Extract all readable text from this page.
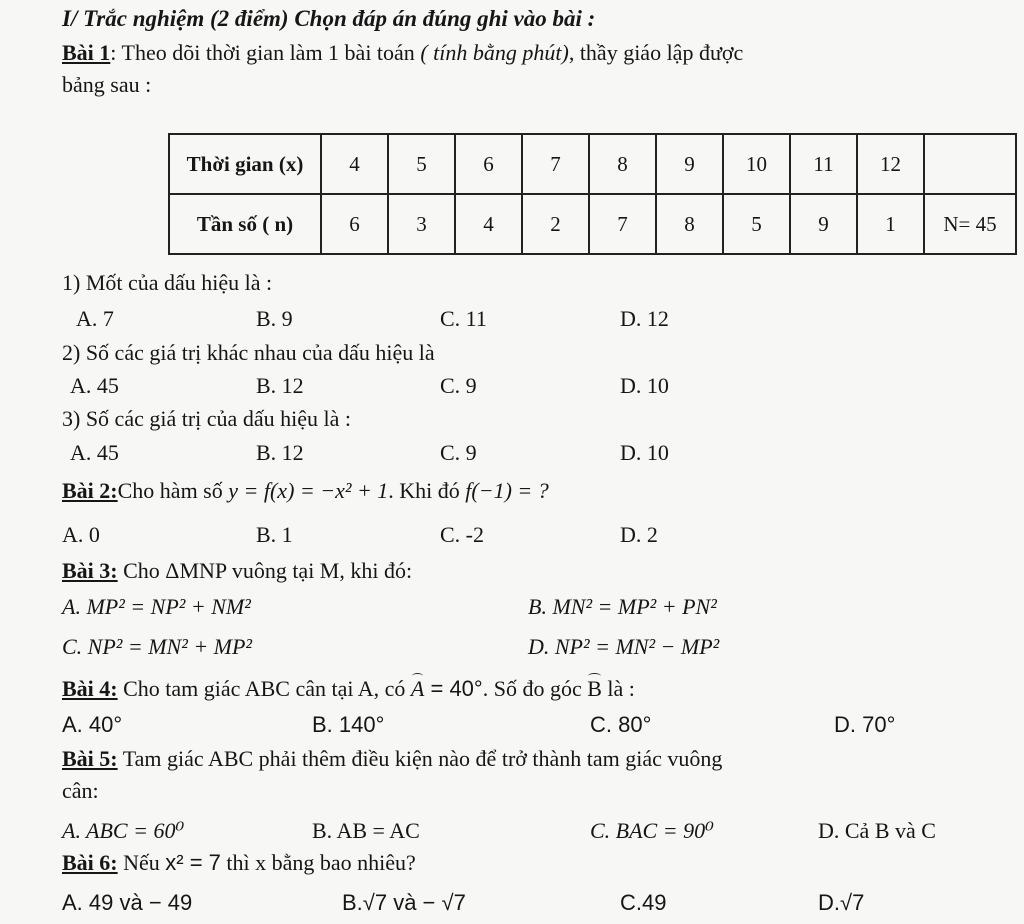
I/ Trắc nghiệm (2 điểm) Chọn đáp án đúng ghi vào bài :
Bài 1: Theo dõi thời gian làm 1 bài toán ( tính bằng phút), thầy giáo lập được
bảng sau :
Thời gian (x)	4	5	6	7	8	9	10	11	12	
Tần số ( n)	6	3	4	2	7	8	5	9	1	N= 45
1) Mốt của dấu hiệu là :
A. 7	B. 9	C. 11	D. 12
2) Số các giá trị khác nhau của dấu hiệu là
A. 45	B. 12	C. 9	D. 10
3) Số các giá trị của dấu hiệu là :
A. 45	B. 12	C. 9	D. 10
Bài 2:Cho hàm số y = f(x) = −x² + 1. Khi đó f(−1) = ?
A. 0	B. 1	C. -2	D. 2
Bài 3: Cho ΔMNP vuông tại M, khi đó:
A. MP² = NP² + NM²	B. MN² = MP² + PN²
C. NP² = MN² + MP²	D. NP² = MN² − MP²
Bài 4: Cho tam giác ABC cân tại A, có A = 40°. Số đo góc B là :
A. 40°	B. 140°	C. 80°	D. 70°
Bài 5: Tam giác ABC phải thêm điều kiện nào để trở thành tam giác vuông
cân:
A. ABC = 60⁰	B. AB = AC	C. BAC = 90⁰	D. Cả B và C
Bài 6: Nếu x² = 7 thì x bằng bao nhiêu?
A. 49 và − 49	B.√7 và − √7	C.49	D.√7
